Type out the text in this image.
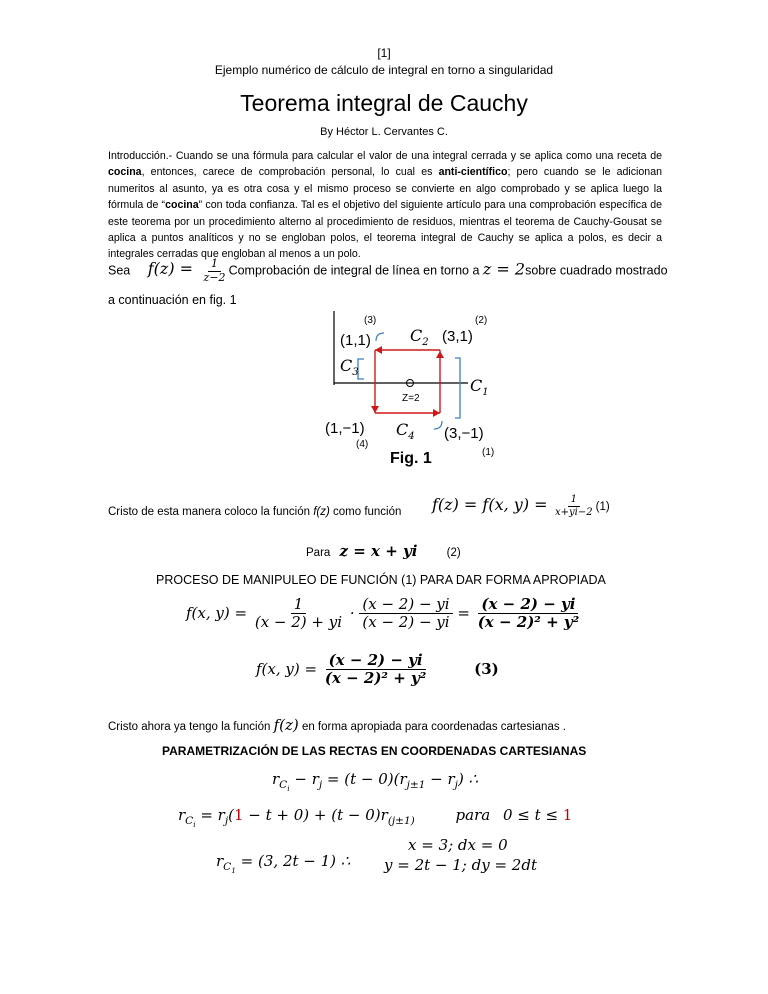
[1]
Ejemplo numérico de cálculo de integral en torno a singularidad
Teorema integral de Cauchy
By Héctor L. Cervantes C.
Introducción.- Cuando se una fórmula para calcular el valor de una integral cerrada y se aplica como una receta de cocina, entonces, carece de comprobación personal, lo cual es anti-científico; pero cuando se le adicionan numeritos al asunto, ya es otra cosa y el mismo proceso se convierte en algo comprobado y se aplica luego la fórmula de “cocina” con toda confianza. Tal es el objetivo del siguiente artículo para una comprobación específica de este teorema por un procedimiento alterno al procedimiento de residuos, mientras el teorema de Cauchy-Gousat se aplica a puntos analíticos y no se engloban polos, el teorema integral de Cauchy se aplica a polos, es decir a integrales cerradas que engloban al menos a un polo.
Sea $f(z) = \frac{1}{z-2}$ Comprobación de integral de línea en torno a z = 2sobre cuadrado mostrado
a continuación en fig. 1
Z=2
(3)	(2)
(1,1)	(3,1)
$C_2$
$C_3$
$C_1$
$C_4$
(1,−1)	(3,−1)
(4)
(1)
Fig. 1
Cristo de esta manera coloco la función f(z) como función f(z) = f(x, $y) = \frac{1}{x+yi-2} (1)$
Para z = x + yi	(2)
PROCESO DE MANIPULEO DE FUNCIÓN (1) PARA DAR FORMA APROPIADA
f(x, $y) = \frac{1}{(x - 2) + yi} \cdot \frac{(x - 2) - yi}{(x - 2) - yi} = \frac{(x - 2) - yi}{\text{(x − 2)² + y²}}$
f(x, $y) = \frac{(x - 2) - yi}{\text{(x − 2)² + y²}}$	(3)
Cristo ahora ya tengo la función f(z) en forma apropiada para coordenadas cartesianas .
PARAMETRIZACIÓN DE LAS RECTAS EN COORDENADAS CARTESIANAS
$r_{C_i} - r_j = (t - 0)(r_{j\pm 1} - r_j)$ ∴
$r_{C_i} = r_j(1 - t + 0) + (t - 0)r_{(j\pm 1)}$	para 0 ≤ t ≤ 1
$r_{C_1} = (3$, 2t − 1) ∴
x = 3; dx = 0
y = 2t − 1; dy = 2dt
